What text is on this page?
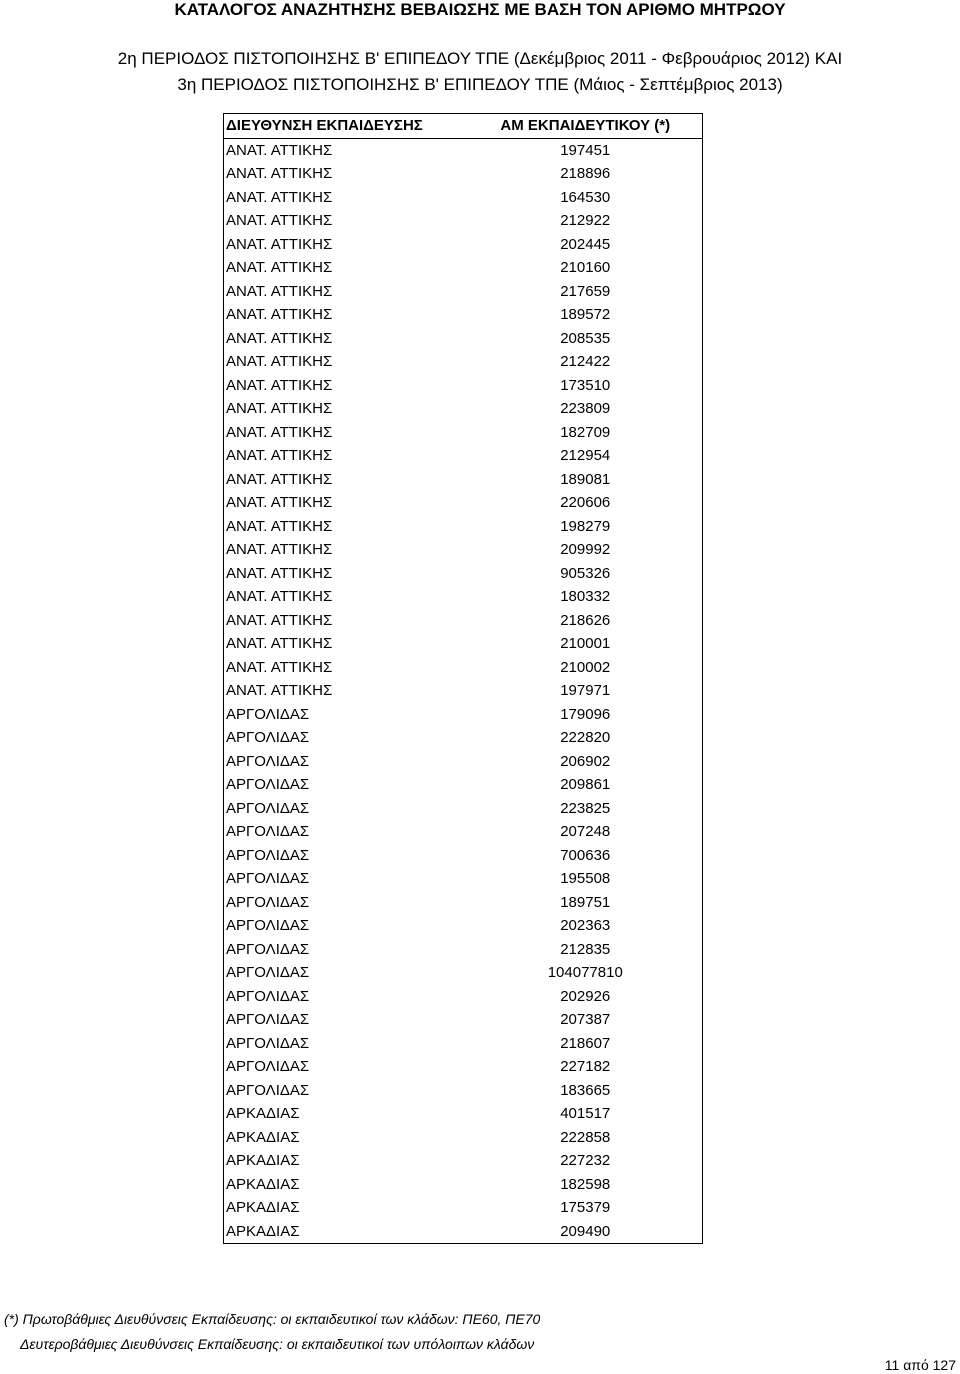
ΚΑΤΑΛΟΓΟΣ ΑΝΑΖΗΤΗΣΗΣ ΒΕΒΑΙΩΣΗΣ ΜΕ ΒΑΣΗ ΤΟΝ ΑΡΙΘΜΟ ΜΗΤΡΩΟΥ
2η ΠΕΡΙΟΔΟΣ ΠΙΣΤΟΠΟΙΗΣΗΣ Β' ΕΠΙΠΕΔΟΥ ΤΠΕ (Δεκέμβριος 2011 - Φεβρουάριος 2012) ΚΑΙ
3η ΠΕΡΙΟΔΟΣ ΠΙΣΤΟΠΟΙΗΣΗΣ Β' ΕΠΙΠΕΔΟΥ ΤΠΕ (Μάιος - Σεπτέμβριος 2013)
ΔΙΕΥΘΥΝΣΗ ΕΚΠΑΙΔΕΥΣΗΣ	ΑΜ ΕΚΠΑΙΔΕΥΤΙΚΟΥ (*)
ΑΝΑΤ. ΑΤΤΙΚΗΣ	197451
ΑΝΑΤ. ΑΤΤΙΚΗΣ	218896
ΑΝΑΤ. ΑΤΤΙΚΗΣ	164530
ΑΝΑΤ. ΑΤΤΙΚΗΣ	212922
ΑΝΑΤ. ΑΤΤΙΚΗΣ	202445
ΑΝΑΤ. ΑΤΤΙΚΗΣ	210160
ΑΝΑΤ. ΑΤΤΙΚΗΣ	217659
ΑΝΑΤ. ΑΤΤΙΚΗΣ	189572
ΑΝΑΤ. ΑΤΤΙΚΗΣ	208535
ΑΝΑΤ. ΑΤΤΙΚΗΣ	212422
ΑΝΑΤ. ΑΤΤΙΚΗΣ	173510
ΑΝΑΤ. ΑΤΤΙΚΗΣ	223809
ΑΝΑΤ. ΑΤΤΙΚΗΣ	182709
ΑΝΑΤ. ΑΤΤΙΚΗΣ	212954
ΑΝΑΤ. ΑΤΤΙΚΗΣ	189081
ΑΝΑΤ. ΑΤΤΙΚΗΣ	220606
ΑΝΑΤ. ΑΤΤΙΚΗΣ	198279
ΑΝΑΤ. ΑΤΤΙΚΗΣ	209992
ΑΝΑΤ. ΑΤΤΙΚΗΣ	905326
ΑΝΑΤ. ΑΤΤΙΚΗΣ	180332
ΑΝΑΤ. ΑΤΤΙΚΗΣ	218626
ΑΝΑΤ. ΑΤΤΙΚΗΣ	210001
ΑΝΑΤ. ΑΤΤΙΚΗΣ	210002
ΑΝΑΤ. ΑΤΤΙΚΗΣ	197971
ΑΡΓΟΛΙΔΑΣ	179096
ΑΡΓΟΛΙΔΑΣ	222820
ΑΡΓΟΛΙΔΑΣ	206902
ΑΡΓΟΛΙΔΑΣ	209861
ΑΡΓΟΛΙΔΑΣ	223825
ΑΡΓΟΛΙΔΑΣ	207248
ΑΡΓΟΛΙΔΑΣ	700636
ΑΡΓΟΛΙΔΑΣ	195508
ΑΡΓΟΛΙΔΑΣ	189751
ΑΡΓΟΛΙΔΑΣ	202363
ΑΡΓΟΛΙΔΑΣ	212835
ΑΡΓΟΛΙΔΑΣ	104077810
ΑΡΓΟΛΙΔΑΣ	202926
ΑΡΓΟΛΙΔΑΣ	207387
ΑΡΓΟΛΙΔΑΣ	218607
ΑΡΓΟΛΙΔΑΣ	227182
ΑΡΓΟΛΙΔΑΣ	183665
ΑΡΚΑΔΙΑΣ	401517
ΑΡΚΑΔΙΑΣ	222858
ΑΡΚΑΔΙΑΣ	227232
ΑΡΚΑΔΙΑΣ	182598
ΑΡΚΑΔΙΑΣ	175379
ΑΡΚΑΔΙΑΣ	209490
(*) Πρωτοβάθμιες Διευθύνσεις Εκπαίδευσης: οι εκπαιδευτικοί των κλάδων: ΠΕ60, ΠΕ70
Δευτεροβάθμιες Διευθύνσεις Εκπαίδευσης: οι εκπαιδευτικοί των υπόλοιπων κλάδων
11 από 127
